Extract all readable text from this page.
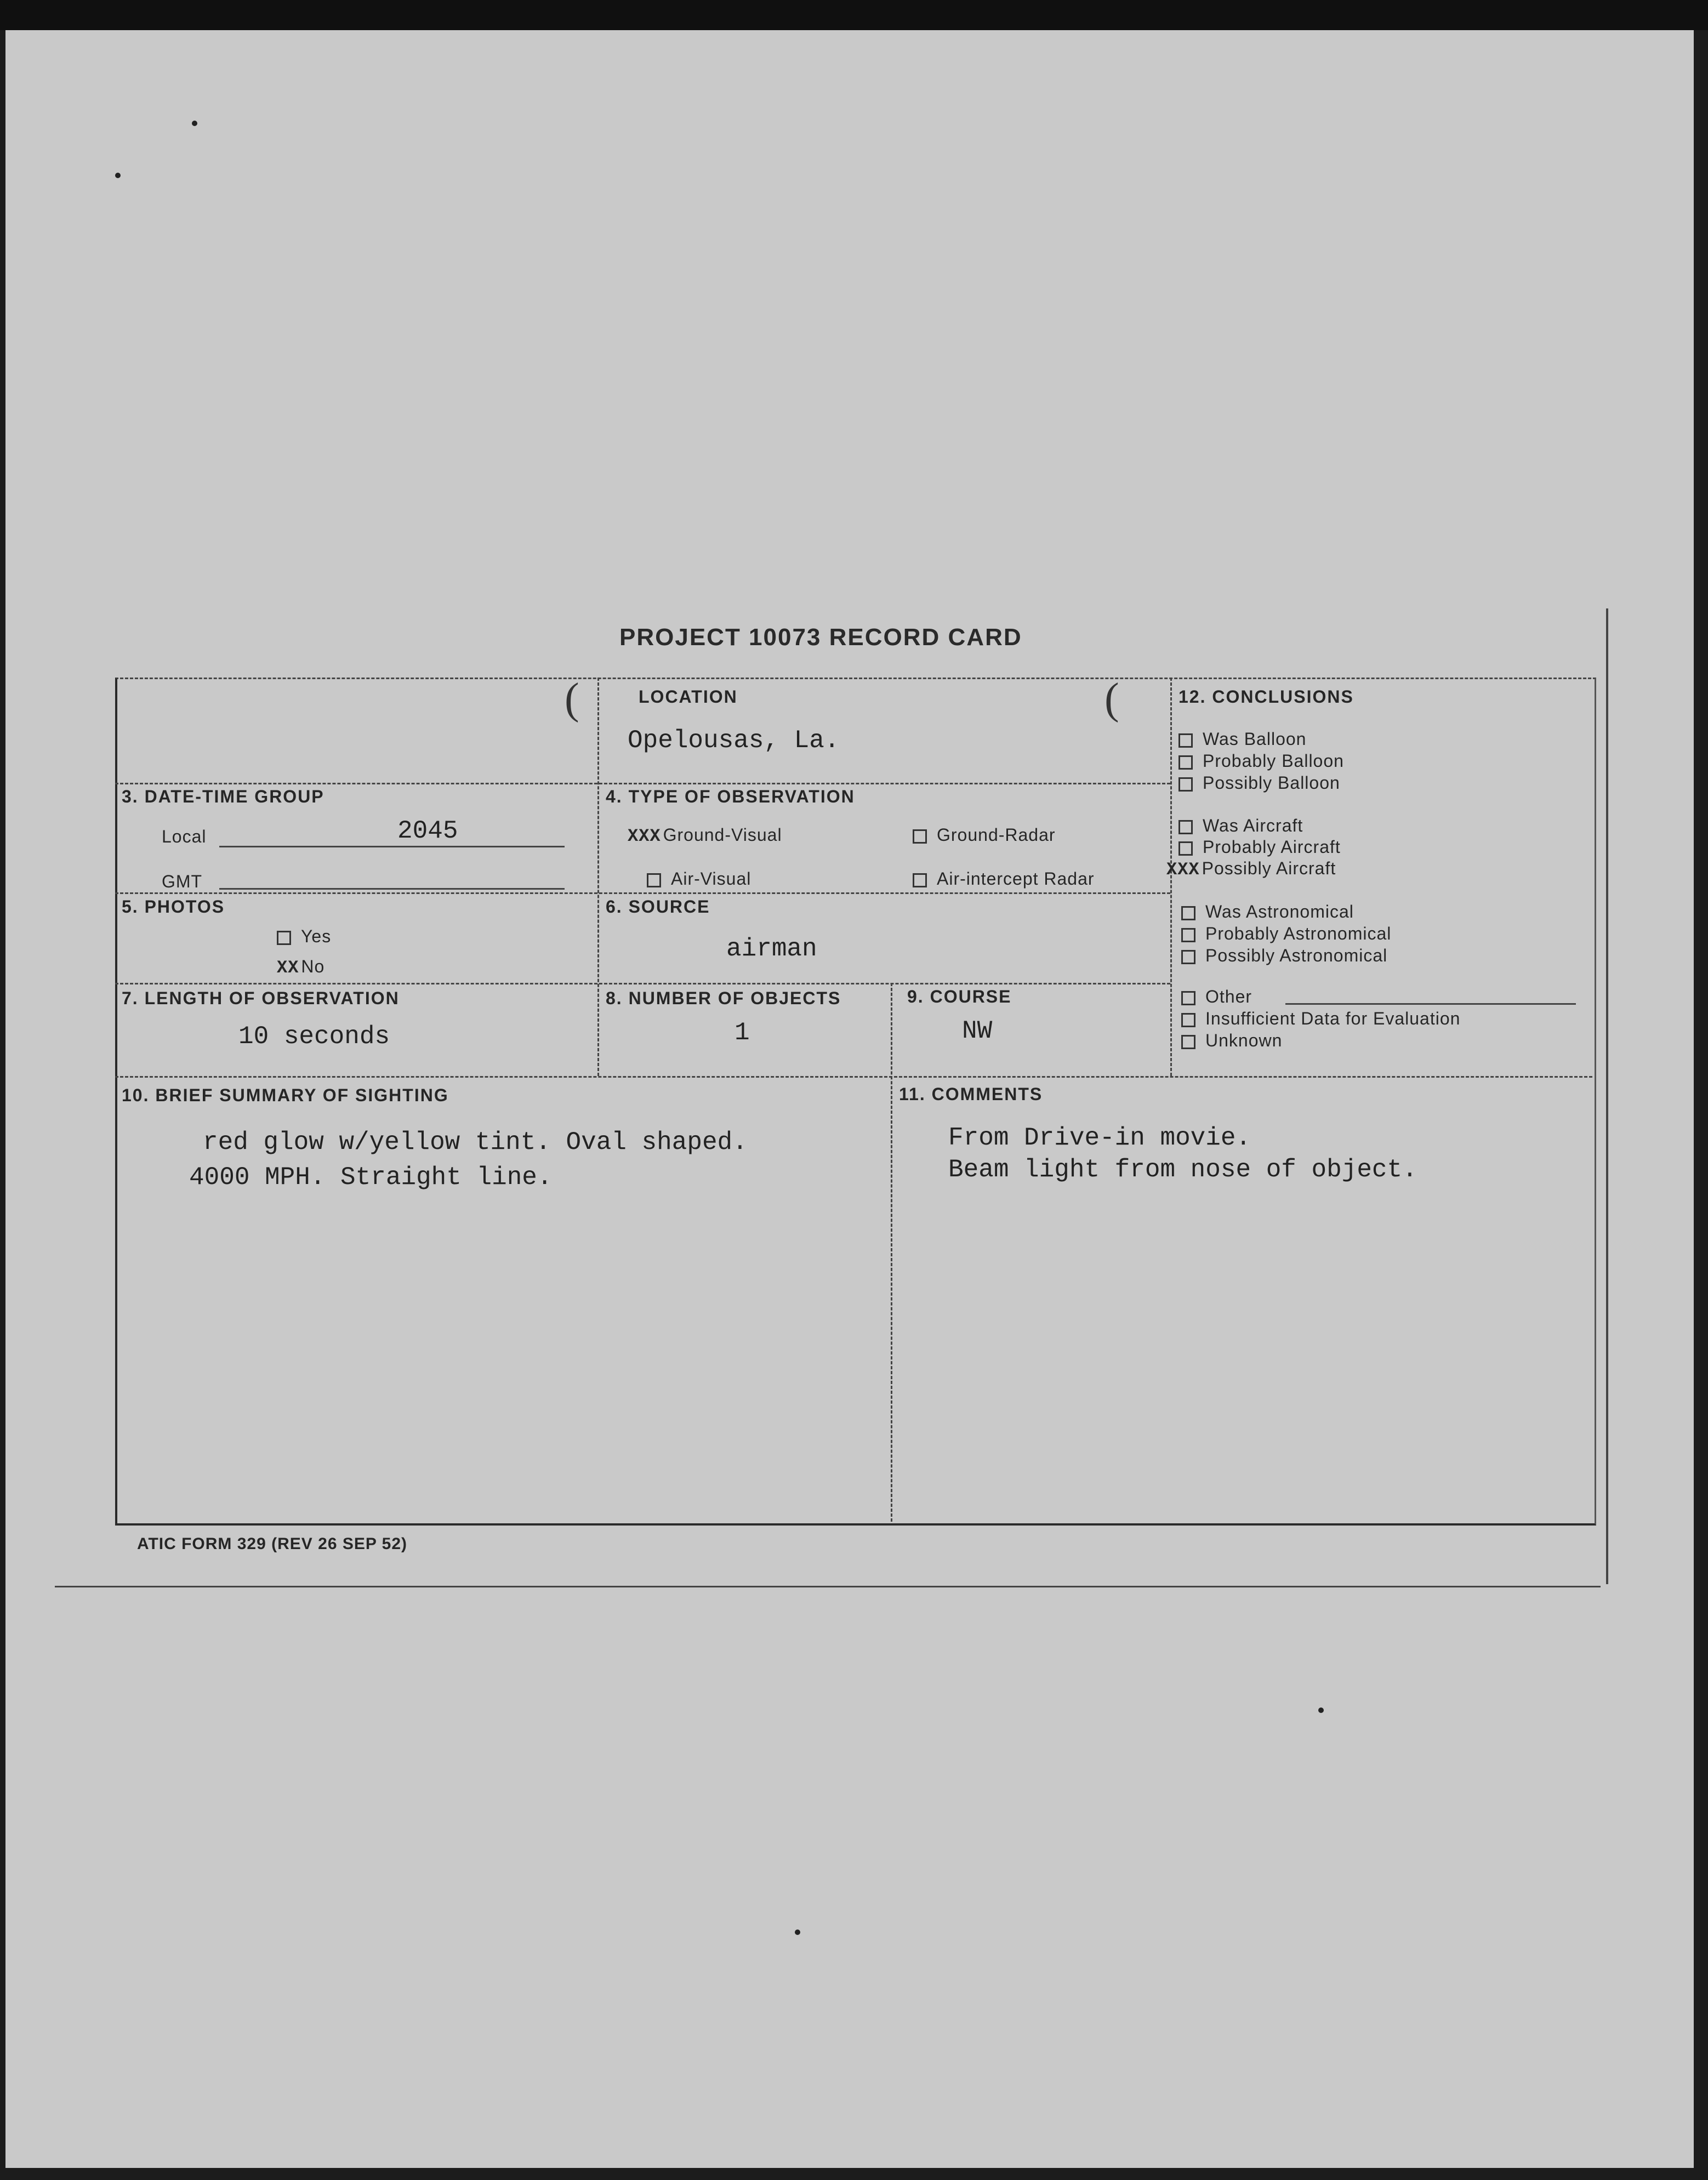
PROJECT 10073 RECORD CARD
(	(
LOCATION
Opelousas, La.
3. DATE-TIME GROUP
Local	2045
GMT
4. TYPE OF OBSERVATION
XXX Ground-Visual	Ground-Radar
Air-Visual	Air-intercept Radar
5. PHOTOS
Yes
XX No
6. SOURCE
airman
7. LENGTH OF OBSERVATION
10 seconds
8. NUMBER OF OBJECTS
1
9. COURSE
NW
10. BRIEF SUMMARY OF SIGHTING
red glow w/yellow tint. Oval shaped.
4000 MPH. Straight line.
11. COMMENTS
From Drive-in movie.
Beam light from nose of object.
12. CONCLUSIONS
Was Balloon
Probably Balloon
Possibly Balloon
Was Aircraft
Probably Aircraft
XXX Possibly Aircraft
Was Astronomical
Probably Astronomical
Possibly Astronomical
Other
Insufficient Data for Evaluation
Unknown
ATIC FORM 329 (REV 26 SEP 52)
